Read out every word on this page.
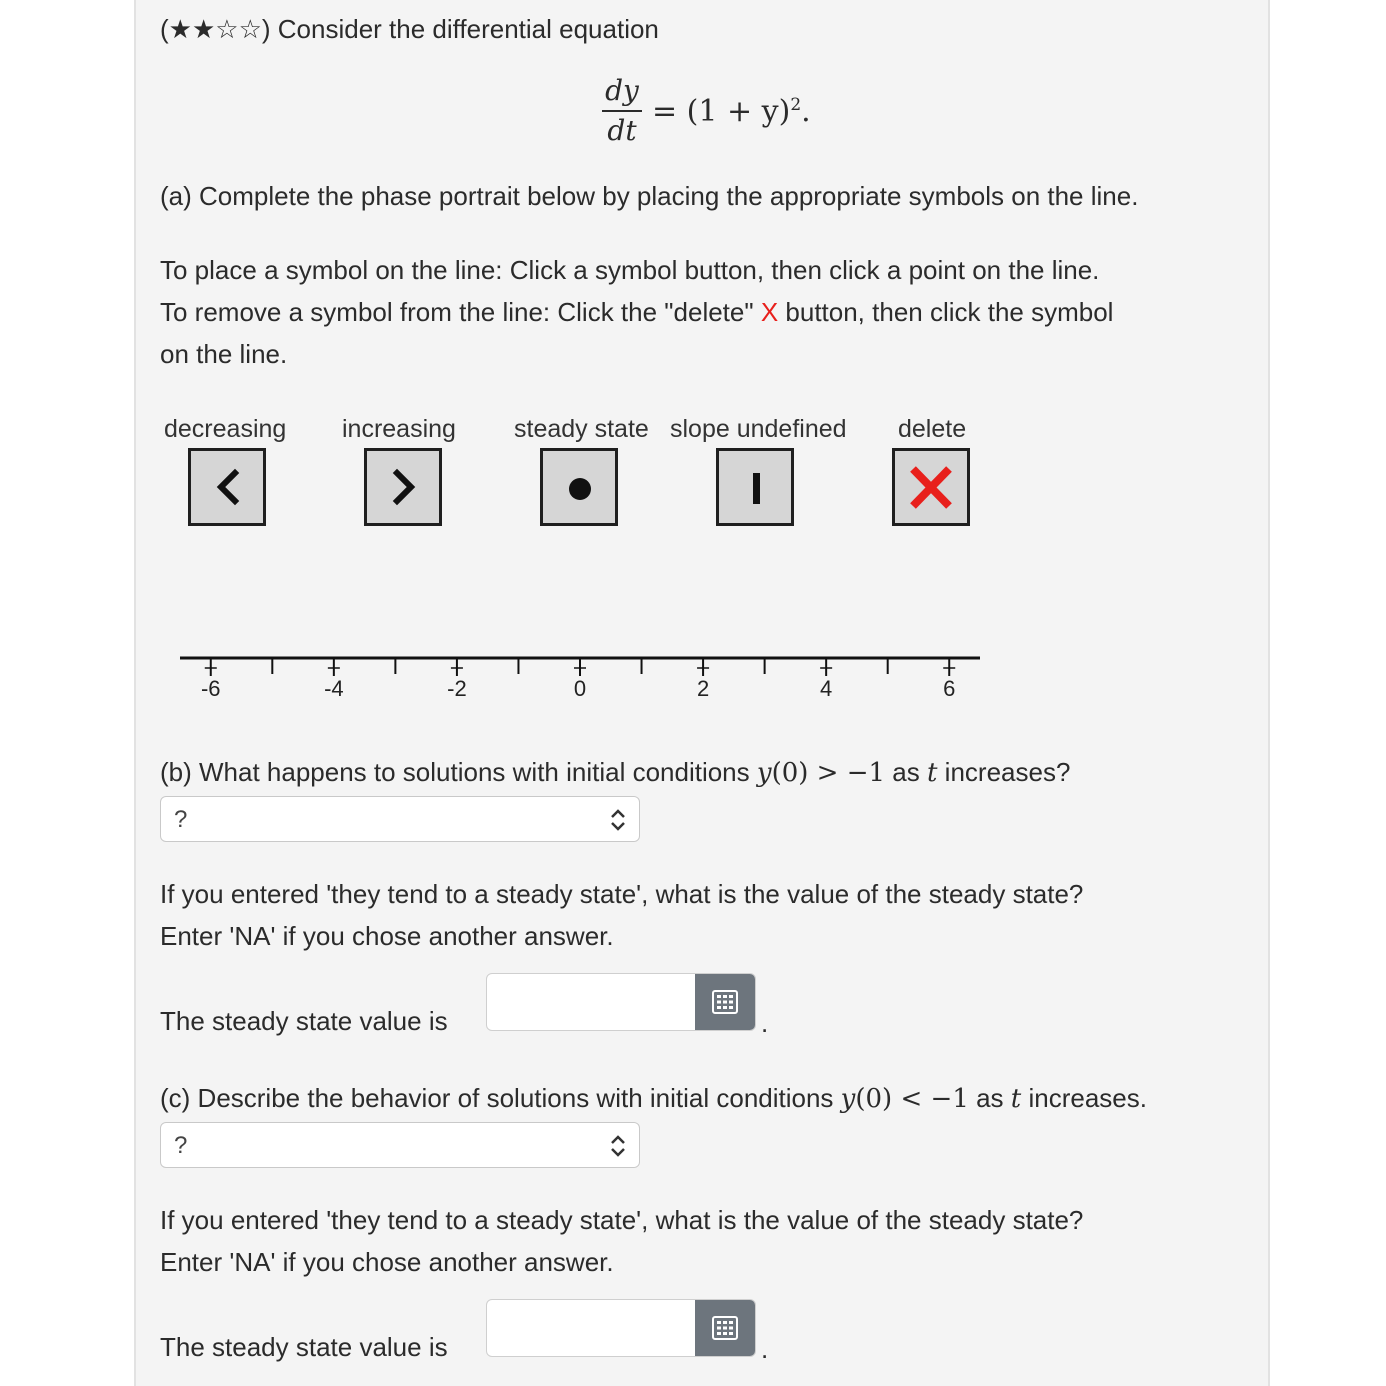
(★★☆☆) Consider the differential equation
dy
dt
= $(1 + y)^2$.
(a) Complete the phase portrait below by placing the appropriate symbols on the line.
To place a symbol on the line: Click a symbol button, then click a point on the line.
To remove a symbol from the line: Click the "delete" X button, then click the symbol
on the line.
decreasing increasing steady state slope undefined delete
-6	-4	-2	0	2	4	6
(b) What happens to solutions with initial conditions y(0) > −1 as t increases?
?
If you entered 'they tend to a steady state', what is the value of the steady state?
Enter 'NA' if you chose another answer.
The steady state value is	.
(c) Describe the behavior of solutions with initial conditions y(0) < −1 as t increases.
?
If you entered 'they tend to a steady state', what is the value of the steady state?
Enter 'NA' if you chose another answer.
The steady state value is	.
